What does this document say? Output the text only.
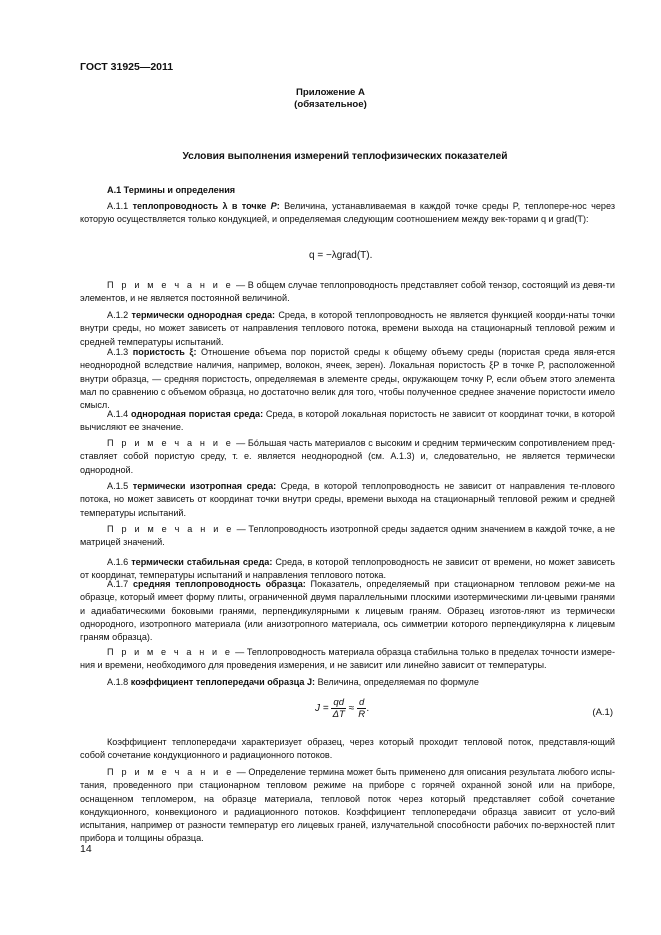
ГОСТ 31925—2011
Приложение А
(обязательное)
Условия выполнения измерений теплофизических показателей

А.1 Термины и определения

А.1.1 теплопроводность λ в точке P: Величина, устанавливаемая в каждой точке среды P, теплопере-нос через которую осуществляется только кондукцией, и определяемая следующим соотношением между век-торами q и grad(T):

q = −λgrad(T).

П р и м е ч а н и е — В общем случае теплопроводность представляет собой тензор, состоящий из девя-ти элементов, и не является постоянной величиной.

А.1.2 термически однородная среда: Среда, в которой теплопроводность не является функцией коорди-наты точки внутри среды, но может зависеть от направления теплового потока, времени выхода на стационарный тепловой режим и средней температуры испытаний.

А.1.3 пористость ξ: Отношение объема пор пористой среды к общему объему среды (пористая среда явля-ется неоднородной вследствие наличия, например, волокон, ячеек, зерен). Локальная пористость ξP в точке P, расположенной внутри образца, — средняя пористость, определяемая в элементе среды, окружающем точку P, если объем этого элемента мал по сравнению с объемом образца, но достаточно велик для того, чтобы полученное среднее значение пористости имело смысл.

А.1.4 однородная пористая среда: Среда, в которой локальная пористость не зависит от координат точки, в которой вычисляют ее значение.

П р и м е ч а н и е — Бóльшая часть материалов с высоким и средним термическим сопротивлением пред-ставляет собой пористую среду, т. е. является неоднородной (см. А.1.3) и, следовательно, не является термически однородной.

А.1.5 термически изотропная среда: Среда, в которой теплопроводность не зависит от направления те-плового потока, но может зависеть от координат точки внутри среды, времени выхода на стационарный тепловой режим и средней температуры испытаний.

П р и м е ч а н и е — Теплопроводность изотропной среды задается одним значением в каждой точке, а не матрицей значений.

А.1.6 термически стабильная среда: Среда, в которой теплопроводность не зависит от времени, но может зависеть от координат, температуры испытаний и направления теплового потока.

А.1.7 средняя теплопроводность образца: Показатель, определяемый при стационарном тепловом режи-ме на образце, который имеет форму плиты, ограниченной двумя параллельными плоскими изотермическими ли-цевыми гранями и адиабатическими боковыми гранями, перпендикулярными к лицевым граням. Образец изготов-ляют из термически однородного, изотропного материала (или анизотропного материала, ось симметрии которого перпендикулярна к лицевым граням образца).

П р и м е ч а н и е — Теплопроводность материала образца стабильна только в пределах точности измере-ния и времени, необходимого для проведения измерения, и не зависит или линейно зависит от температуры.

А.1.8 коэффициент теплопередачи образца J: Величина, определяемая по формуле

$J = \frac{qd}{\Delta T} \approx \frac{d}{R}$ .	(А.1)

Коэффициент теплопередачи характеризует образец, через который проходит тепловой поток, представля-ющий собой сочетание кондукционного и радиационного потоков.

П р и м е ч а н и е — Определение термина может быть применено для описания результата любого испы-тания, проведенного при стационарном тепловом режиме на приборе с горячей охранной зоной или на приборе, оснащенном тепломером, на образце материала, тепловой поток через который представляет собой сочетание кондукционного, конвекционого и радиационного потоков. Коэффициент теплопередачи образца зависит от усло-вий испытания, например от разности температур его лицевых граней, излучательной способности рабочих по-верхностей плит прибора и толщины образца.

14
